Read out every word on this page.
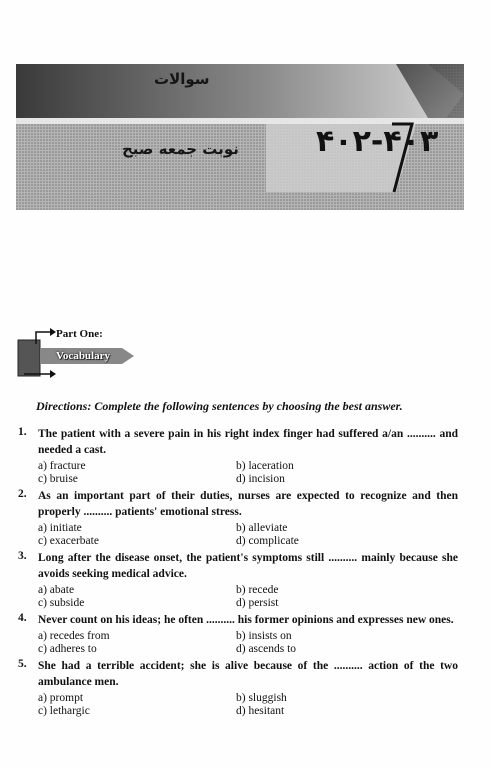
سوالات
نوبت جمعه صبح	۴۰۲-۴۰۳
Part One:
Vocabulary
Directions: Complete the following sentences by choosing the best answer.
1. The patient with a severe pain in his right index finger had suffered a/an .......... and needed a cast.
a) fracture	b) laceration
c) bruise	d) incision
2. As an important part of their duties, nurses are expected to recognize and then properly .......... patients' emotional stress.
a) initiate	b) alleviate
c) exacerbate	d) complicate
3. Long after the disease onset, the patient's symptoms still .......... mainly because she avoids seeking medical advice.
a) abate	b) recede
c) subside	d) persist
4. Never count on his ideas; he often .......... his former opinions and expresses new ones.
a) recedes from	b) insists on
c) adheres to	d) ascends to
5. She had a terrible accident; she is alive because of the .......... action of the two ambulance men.
a) prompt	b) sluggish
c) lethargic	d) hesitant
